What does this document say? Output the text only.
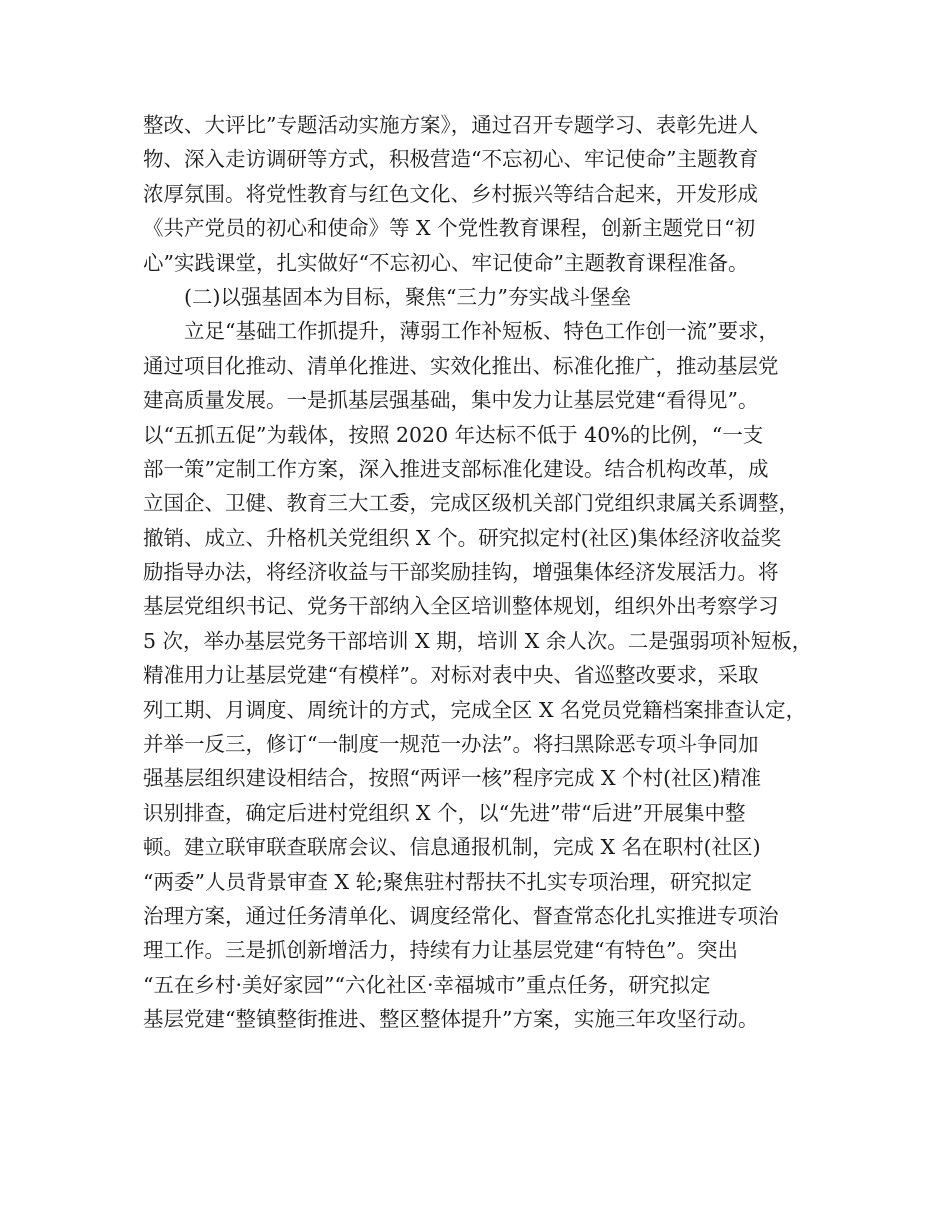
整改、大评比”专题活动实施方案》，通过召开专题学习、表彰先进人
物、深入走访调研等方式，积极营造“不忘初心、牢记使命”主题教育
浓厚氛围。将党性教育与红色文化、乡村振兴等结合起来，开发形成
《共产党员的初心和使命》等 X 个党性教育课程，创新主题党日“初
心”实践课堂，扎实做好“不忘初心、牢记使命”主题教育课程准备。
(二)以强基固本为目标，聚焦“三力”夯实战斗堡垒
立足“基础工作抓提升，薄弱工作补短板、特色工作创一流”要求，
通过项目化推动、清单化推进、实效化推出、标准化推广，推动基层党
建高质量发展。一是抓基层强基础，集中发力让基层党建“看得见”。
以“五抓五促”为载体，按照 2020 年达标不低于 40%的比例，“一支
部一策”定制工作方案，深入推进支部标准化建设。结合机构改革，成
立国企、卫健、教育三大工委，完成区级机关部门党组织隶属关系调整，
撤销、成立、升格机关党组织 X 个。研究拟定村(社区)集体经济收益奖
励指导办法，将经济收益与干部奖励挂钩，增强集体经济发展活力。将
基层党组织书记、党务干部纳入全区培训整体规划，组织外出考察学习
5 次，举办基层党务干部培训 X 期，培训 X 余人次。二是强弱项补短板，
精准用力让基层党建“有模样”。对标对表中央、省巡整改要求，采取
列工期、月调度、周统计的方式，完成全区 X 名党员党籍档案排查认定，
并举一反三，修订“一制度一规范一办法”。将扫黑除恶专项斗争同加
强基层组织建设相结合，按照“两评一核”程序完成 X 个村(社区)精准
识别排查，确定后进村党组织 X 个，以“先进”带“后进”开展集中整
顿。建立联审联查联席会议、信息通报机制，完成 X 名在职村(社区)
“两委”人员背景审查 X 轮;聚焦驻村帮扶不扎实专项治理，研究拟定
治理方案，通过任务清单化、调度经常化、督查常态化扎实推进专项治
理工作。三是抓创新增活力，持续有力让基层党建“有特色”。突出
“五在乡村·美好家园”“六化社区·幸福城市”重点任务，研究拟定
基层党建“整镇整街推进、整区整体提升”方案，实施三年攻坚行动。
